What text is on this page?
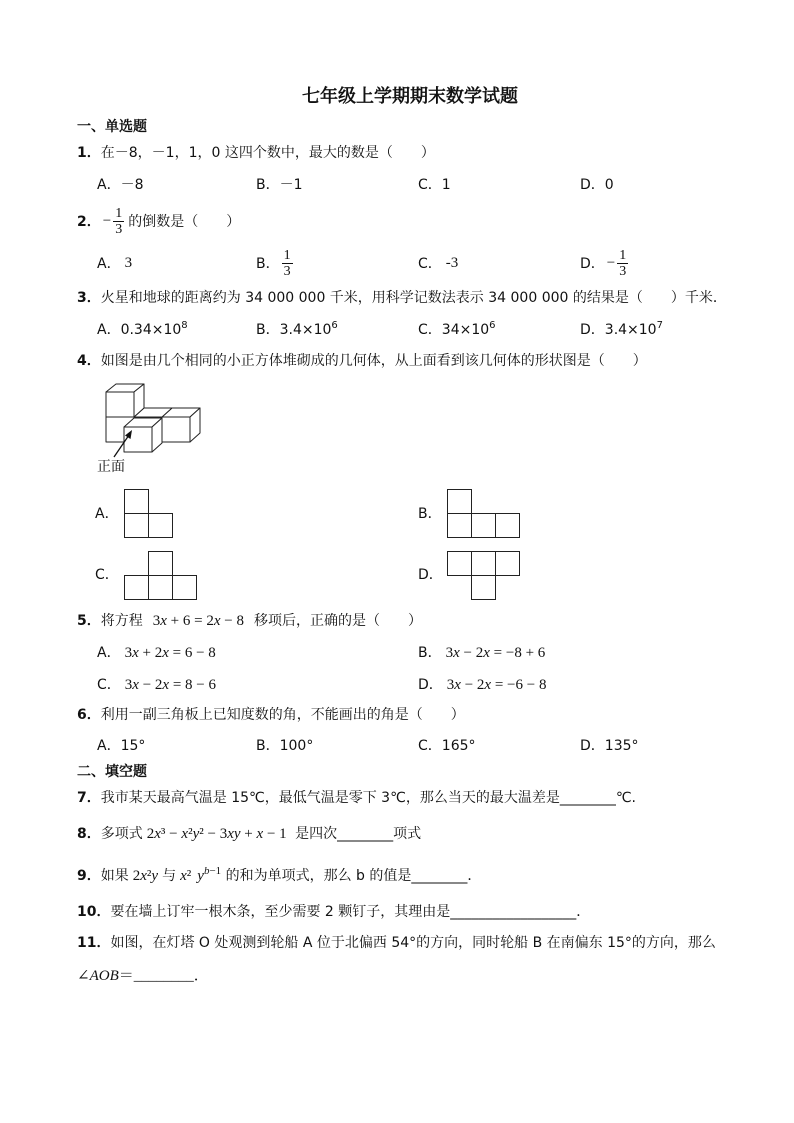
七年级上学期期末数学试题
一、单选题
1．在－8，－1，1，0 这四个数中，最大的数是（　　）
A．－8	B．－1	C．1	D．0
2． − $\frac{1}{3}$ 的倒数是（　　）
A． 3	B． $\frac{1}{3}$	C． -3	D． − $\frac{1}{3}$
3．火星和地球的距离约为 34 000 000 千米，用科学记数法表示 34 000 000 的结果是（　　）千米．
A．$0.34\times 10^8$	B．$3.4\times 10^6$	C．$34\times 10^6$	D．$3.4\times 10^7$
4．如图是由几个相同的小正方体堆砌成的几何体，从上面看到该几何体的形状图是（　　）
正面
A．	B．
C．	D．
5．将方程 3x + 6 = 2x − 8 移项后，正确的是（　　）
A． 3x + 2x = 6 − 8	B． 3x − 2x = −8 + 6
C． 3x − 2x = 8 − 6	D． 3x − 2x = −6 − 8
6．利用一副三角板上已知度数的角，不能画出的角是（　　）
A．15°	B．100°	C．165°	D．135°
二、填空题
7．我市某天最高气温是 15℃，最低气温是零下 3℃，那么当天的最大温差是________℃.
8．多项式 2x³ − x²y² − 3xy + x − 1 是四次________项式
9．如果 2x²y 与 x² $y^{b-1}$ 的和为单项式，那么 b 的值是________．
10．要在墙上订牢一根木条，至少需要 2 颗钉子，其理由是__________________．
11．如图，在灯塔 O 处观测到轮船 A 位于北偏西 54°的方向，同时轮船 B 在南偏东 15°的方向，那么
∠AOB＝________．
